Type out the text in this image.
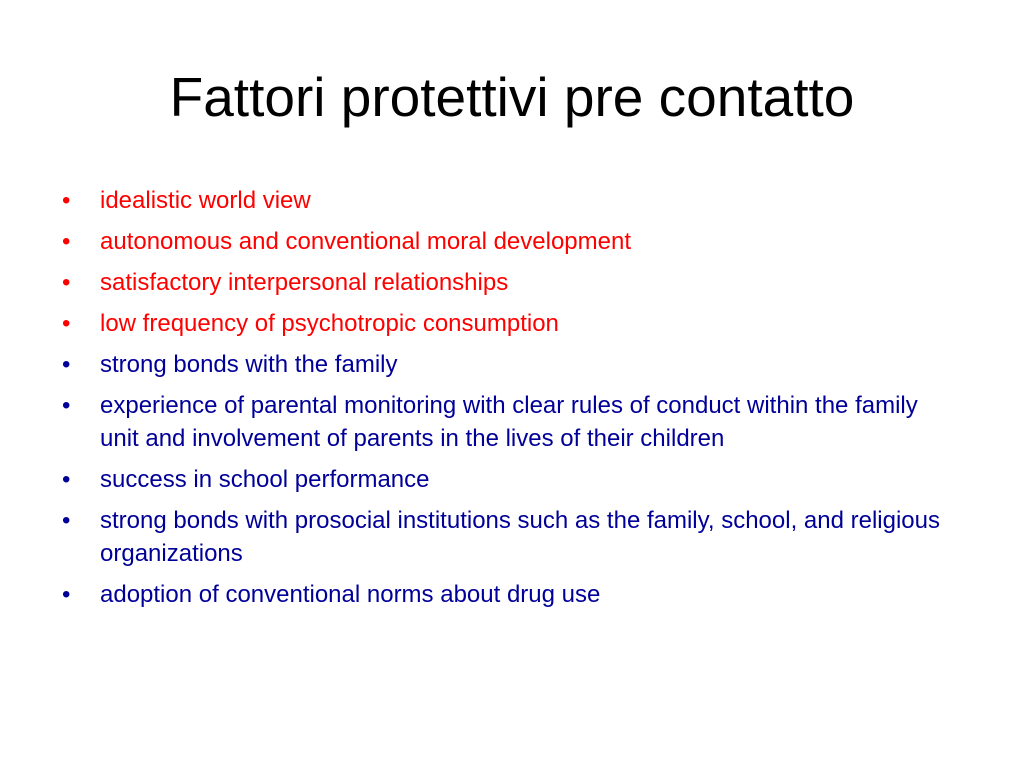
Fattori protettivi pre contatto
•	idealistic world view
•	autonomous and conventional moral development
•	satisfactory interpersonal relationships
•	low frequency of psychotropic consumption
•	strong bonds with the family
•	experience of parental monitoring with clear rules of conduct within the family unit and involvement of parents in the lives of their children
•	success in school performance
•	strong bonds with prosocial institutions such as the family, school, and religious organizations
•	adoption of conventional norms about drug use
